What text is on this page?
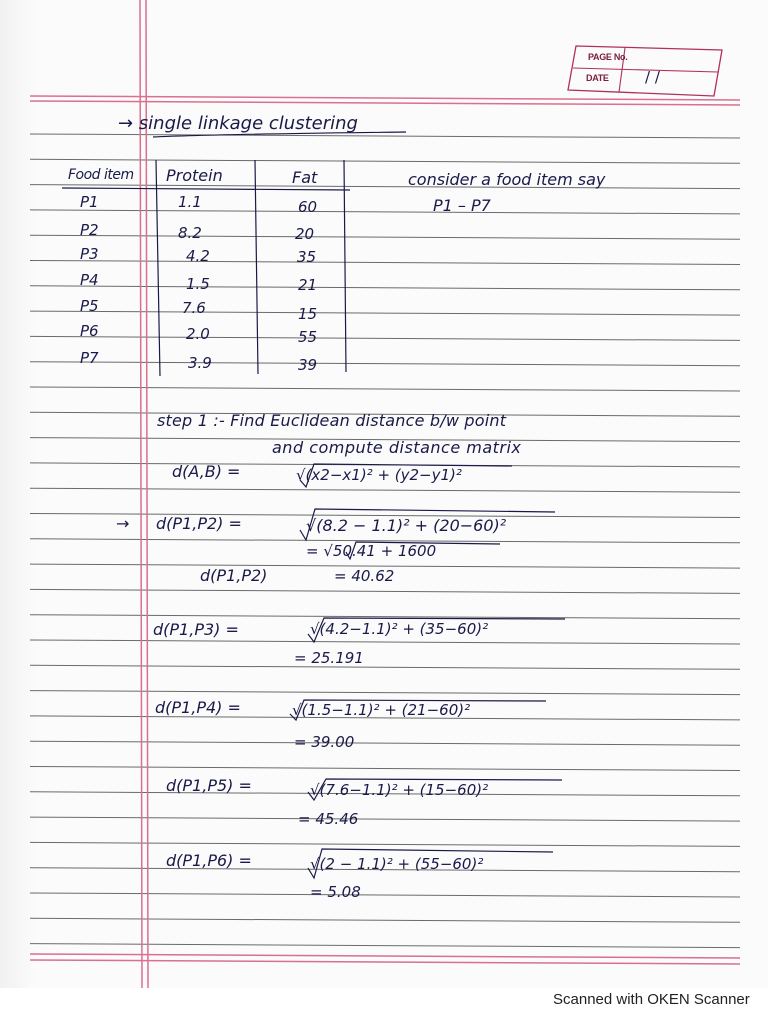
PAGE No.
DATE / /
→ single linkage clustering
Food item Protein	Fat
P1	1.1	60
P2	8.2	20
P3	4.2	35
P4	1.5	21
P5	7.6	15
P6	2.0	55
P7	3.9	39
consider a food item say
P1 – P7
step 1 :- Find Euclidean distance b/w point
and compute distance matrix
d(A,B) =	√(x2−x1)² + (y2−y1)²
→ d(P1,P2) =	√(8.2 − 1.1)² + (20−60)²
= √50.41 + 1600
d(P1,P2)	= 40.62
d(P1,P3) =	√(4.2−1.1)² + (35−60)²
= 25.191
d(P1,P4) =	√(1.5−1.1)² + (21−60)²
= 39.00
d(P1,P5) =	√(7.6−1.1)² + (15−60)²
= 45.46
d(P1,P6) =	√(2 − 1.1)² + (55−60)²
= 5.08
Scanned with OKEN Scanner
